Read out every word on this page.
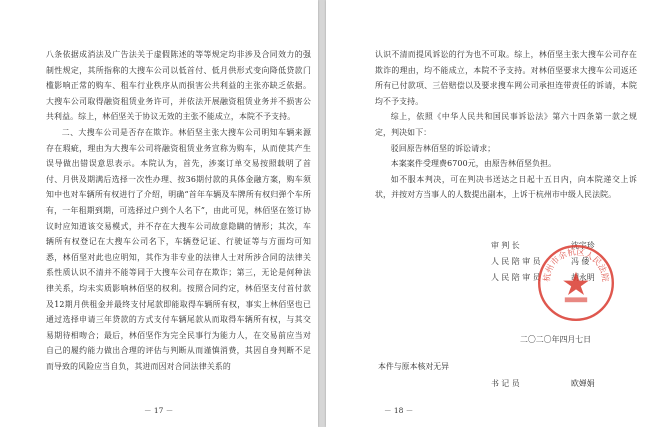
八条依据成消法及广告法关于虚假陈述的等等规定均非涉及合同效力的强制性规定，其所指称的大搜车公司以低首付、低月供形式变向降低贷款门槛影响正常的购车、租车行业秩序从而损害公共利益的主张亦缺乏依据。大搜车公司取得融资租赁业务许可，并依法开展融资租赁业务并不损害公共利益。综上，林佰坚关于协议无效的主张不能成立，本院不予支持。

二、大搜车公司是否存在欺诈。林佰坚主张大搜车公司明知车辆来源存在瑕疵，理由为大搜车公司将融资租赁业务宣称为购车，从而使其产生误导做出错误意思表示。本院认为，首先，涉案订单交易按照载明了首付、月供及期满后选择一次性办理、按36期付款的具体金融方案，购车须知中也对车辆所有权进行了介绍，明确“首年车辆及车牌所有权归弹个车所有，一年租期到期，可选择过户到个人名下”，由此可见，林佰坚在签订协议时应知道该交易模式，并不存在大搜车公司故意隐瞒的情形；其次，车辆所有权登记在大搜车公司名下，车辆登记证、行驶证等与方面均可知悉，林佰坚对此也应明知，其作为非专业的法律人士对所涉合同的法律关系性质认识不清并不能等同于大搜车公司存在欺诈；第三，无论是何种法律关系，均未实质影响林佰坚的权利。按照合同约定，林佰坚支付首付款及12期月供租金并最终支付尾款即能取得车辆所有权，事实上林佰坚也已通过选择申请三年贷款的方式支付车辆尾款从而取得车辆所有权，与其交易期待相吻合；最后，林佰坚作为完全民事行为能力人，在交易前应当对自己的履约能力做出合理的评估与判断从而谨慎消费，其因自身判断不足而导致的风险应当自负，其进而因对合同法律关系的

－ 17 －

认识不清而提风诉讼的行为也不可取。综上，林佰坚主张大搜车公司存在欺诈的理由，均不能成立，本院不予支持。对林佰坚要求大搜车公司返还所有已付款项、三倍赔偿以及要求搜车网公司承担连带责任的诉请，本院均不予支持。

综上，依照《中华人民共和国民事诉讼法》第六十四条第一款之规定，判决如下：

驳回原告林佰坚的诉讼请求；

本案案件受理费6700元，由原告林佰坚负担。

如不服本判决，可在判决书送达之日起十五日内，向本院递交上诉状，并按对方当事人的人数提出副本，上诉于杭州市中级人民法院。

审 判 长	沈宇珍
人 民 陪 审 员	冯 倭
人 民 陪 审 员	胡永明
杭州市余杭区人民法院
二〇二〇年四月七日
本件与原本核对无异
书 记 员	欧婵娟
－ 18 －
